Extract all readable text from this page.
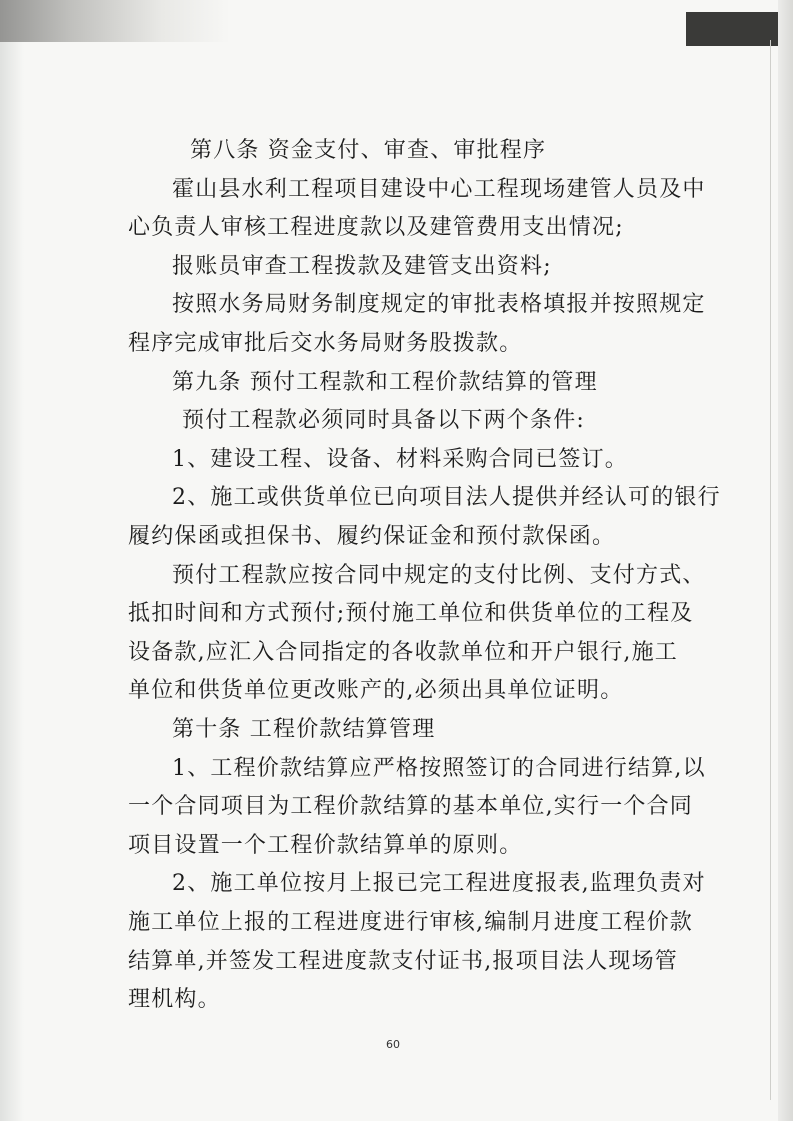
第八条 资金支付、审查、审批程序
霍山县水利工程项目建设中心工程现场建管人员及中
心负责人审核工程进度款以及建管费用支出情况;
报账员审查工程拨款及建管支出资料;
按照水务局财务制度规定的审批表格填报并按照规定
程序完成审批后交水务局财务股拨款。
第九条 预付工程款和工程价款结算的管理
预付工程款必须同时具备以下两个条件:
1、建设工程、设备、材料采购合同已签订。
2、施工或供货单位已向项目法人提供并经认可的银行
履约保函或担保书、履约保证金和预付款保函。
预付工程款应按合同中规定的支付比例、支付方式、
抵扣时间和方式预付;预付施工单位和供货单位的工程及
设备款,应汇入合同指定的各收款单位和开户银行,施工
单位和供货单位更改账产的,必须出具单位证明。
第十条 工程价款结算管理
1、工程价款结算应严格按照签订的合同进行结算,以
一个合同项目为工程价款结算的基本单位,实行一个合同
项目设置一个工程价款结算单的原则。
2、施工单位按月上报已完工程进度报表,监理负责对
施工单位上报的工程进度进行审核,编制月进度工程价款
结算单,并签发工程进度款支付证书,报项目法人现场管
理机构。
60
